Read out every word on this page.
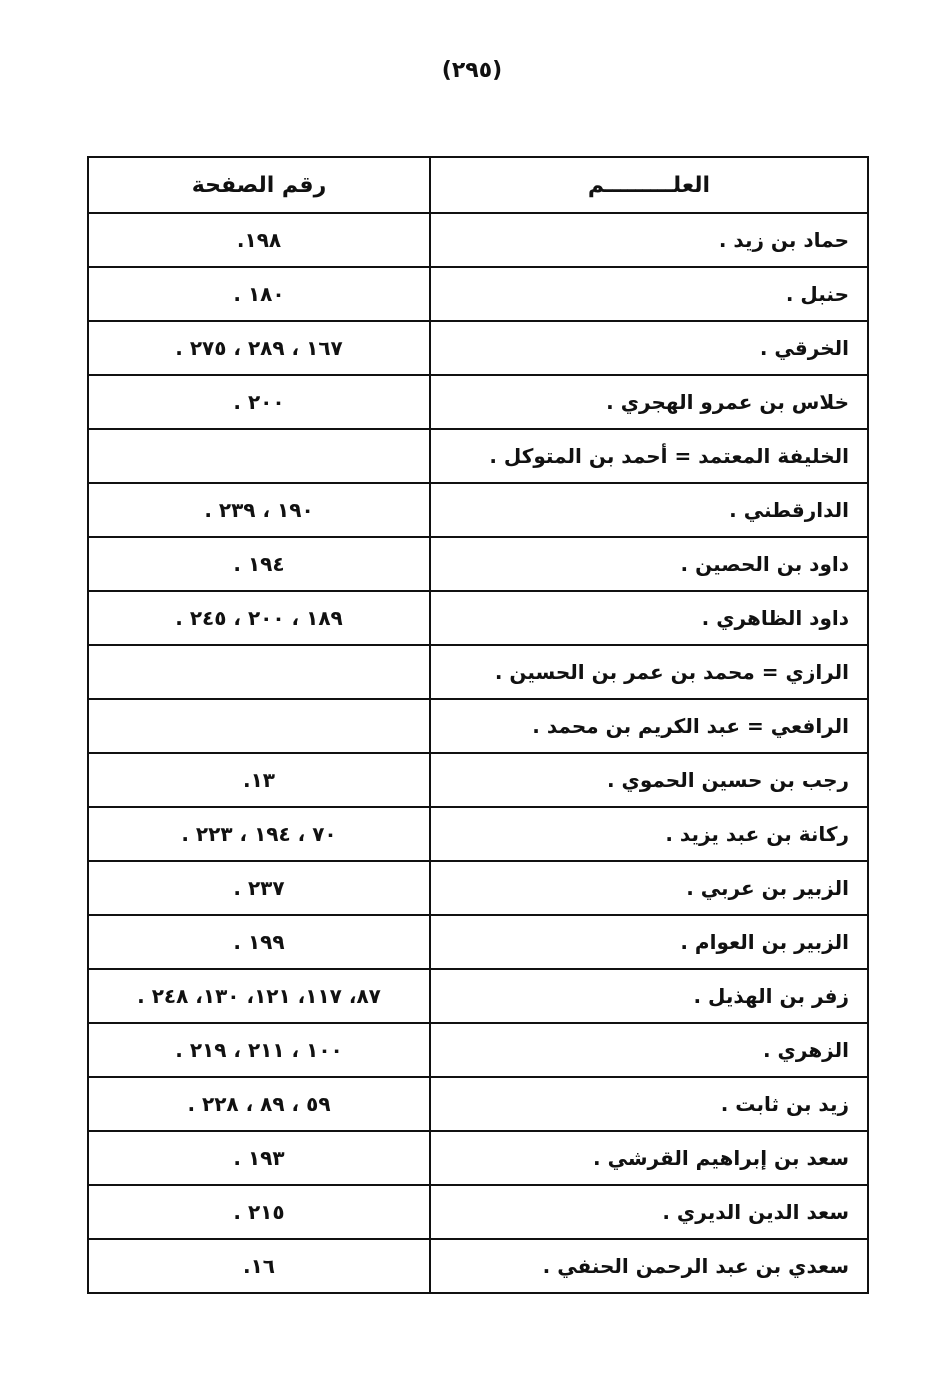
(٢٩٥)
العلـــــــــم	رقم الصفحة
حماد بن زيد .	١٩٨.
حنبل .	١٨٠ .
الخرقي .	١٦٧ ، ٢٨٩ ، ٢٧٥ .
خلاس بن عمرو الهجري .	٢٠٠ .
الخليفة المعتمد = أحمد بن المتوكل .	
الدارقطني .	١٩٠ ، ٢٣٩ .
داود بن الحصين .	١٩٤ .
داود الظاهري .	١٨٩ ، ٢٠٠ ، ٢٤٥ .
الرازي = محمد بن عمر بن الحسين .	
الرافعي = عبد الكريم بن محمد .	
رجب بن حسين الحموي .	١٣.
ركانة بن عبد يزيد .	٧٠ ، ١٩٤ ، ٢٢٣ .
الزبير بن عربي .	٢٣٧ .
الزبير بن العوام .	١٩٩ .
زفر بن الهذيل .	٨٧، ١١٧، ١٢١، ١٣٠، ٢٤٨ .
الزهري .	١٠٠ ، ٢١١ ، ٢١٩ .
زيد بن ثابت .	٥٩ ، ٨٩ ، ٢٢٨ .
سعد بن إبراهيم القرشي .	١٩٣ .
سعد الدين الديري .	٢١٥ .
سعدي بن عبد الرحمن الحنفي .	١٦.
